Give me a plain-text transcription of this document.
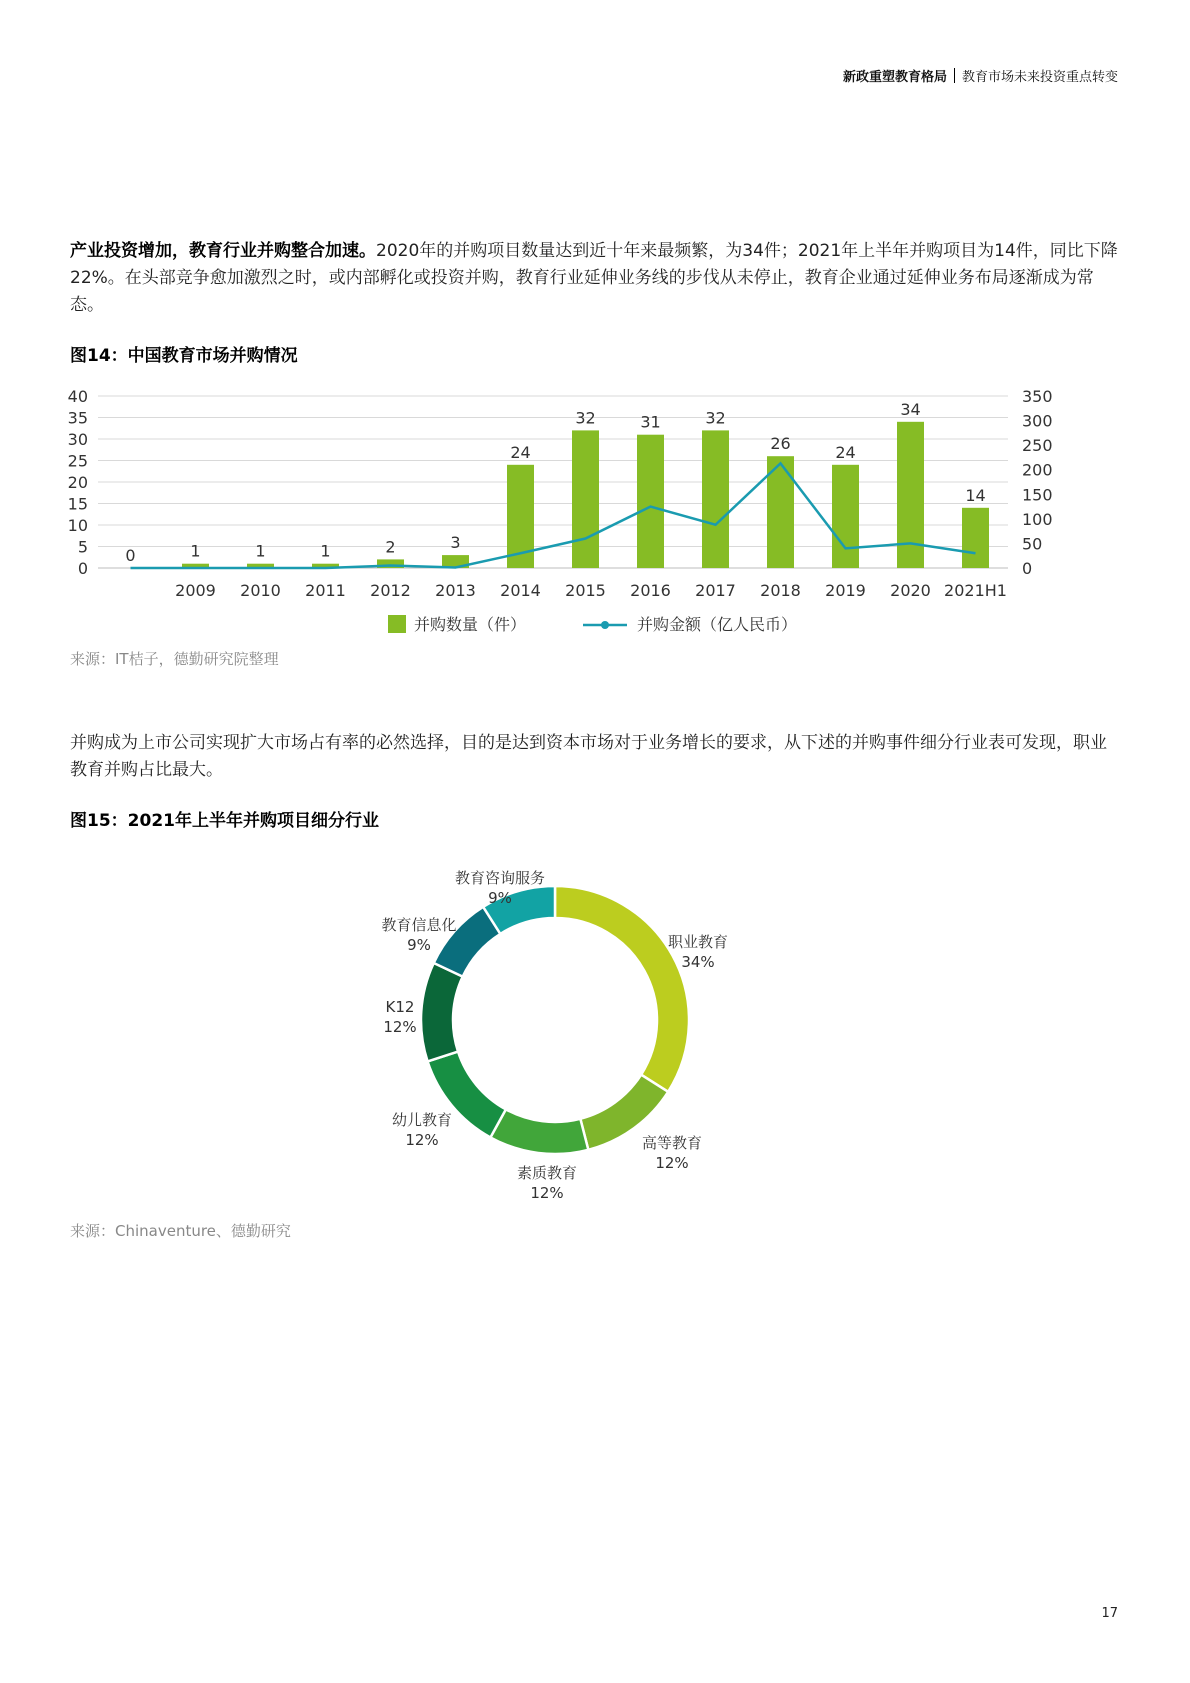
新政重塑教育格局 教育市场未来投资重点转变
产业投资增加，教育行业并购整合加速。2020年的并购项目数量达到近十年来最频繁，为34件；2021年上半年并购项目为14件，同比下降22%。在头部竞争愈加激烈之时，或内部孵化或投资并购，教育行业延伸业务线的步伐从未停止，教育企业通过延伸业务布局逐渐成为常态。
图14：中国教育市场并购情况
0
5
10
15
20
25
30
35
40
0
50
100
150
200
250
300
350
0	1	1	1	2	3
24
32	31	32
26	24
34
14
2009 2010 2011 2012 2013 2014 2015 2016 2017 2018 2019 2020 2021H1
并购数量（件）	并购金额（亿人民币）
来源：IT桔子，德勤研究院整理
并购成为上市公司实现扩大市场占有率的必然选择，目的是达到资本市场对于业务增长的要求，从下述的并购事件细分行业表可发现，职业教育并购占比最大。
图15：2021年上半年并购项目细分行业
职业教育
34%
高等教育
12%
素质教育
12%
幼儿教育
12%
K12
12%
教育信息化
9%
教育咨询服务
9%
来源：Chinaventure、德勤研究
17
